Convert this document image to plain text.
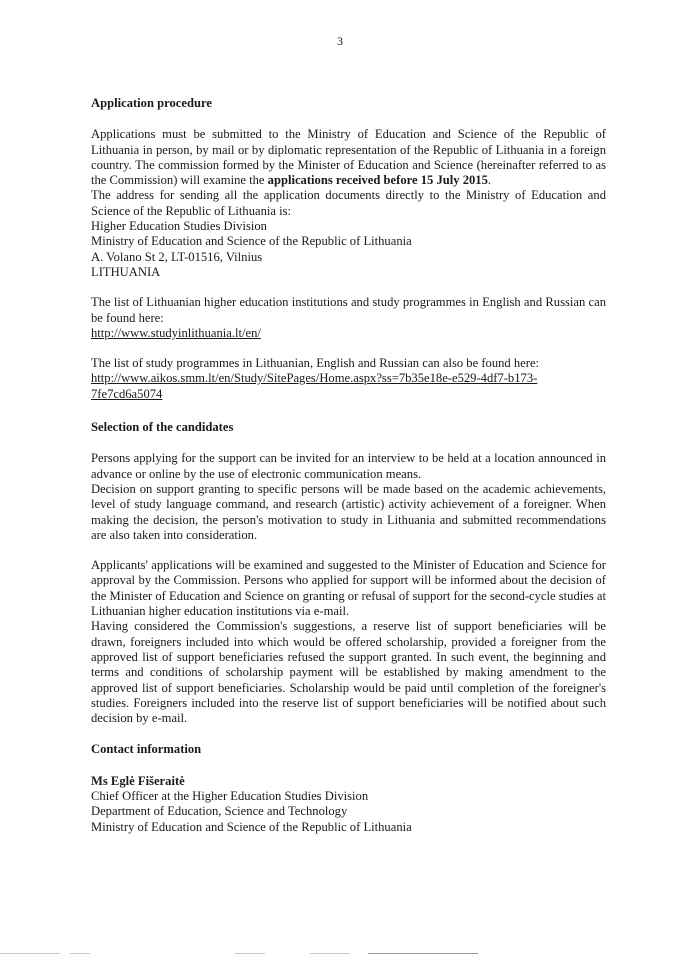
3

Application procedure

Applications must be submitted to the Ministry of Education and Science of the Republic of Lithuania in person, by mail or by diplomatic representation of the Republic of Lithuania in a foreign country. The commission formed by the Minister of Education and Science (hereinafter referred to as the Commission) will examine the applications received before 15 July 2015.

The address for sending all the application documents directly to the Ministry of Education and Science of the Republic of Lithuania is:

Higher Education Studies Division
Ministry of Education and Science of the Republic of Lithuania
A. Volano St 2, LT-01516, Vilnius
LITHUANIA

The list of Lithuanian higher education institutions and study programmes in English and Russian can be found here:

http://www.studyinlithuania.lt/en/

The list of study programmes in Lithuanian, English and Russian can also be found here:

http://www.aikos.smm.lt/en/Study/SitePages/Home.aspx?ss=7b35e18e-e529-4df7-b173-
7fe7cd6a5074

Selection of the candidates

Persons applying for the support can be invited for an interview to be held at a location announced in advance or online by the use of electronic communication means.

Decision on support granting to specific persons will be made based on the academic achievements, level of study language command, and research (artistic) activity achievement of a foreigner. When making the decision, the person's motivation to study in Lithuania and submitted recommendations are also taken into consideration.

Applicants' applications will be examined and suggested to the Minister of Education and Science for approval by the Commission. Persons who applied for support will be informed about the decision of the Minister of Education and Science on granting or refusal of support for the second-cycle studies at Lithuanian higher education institutions via e-mail.

Having considered the Commission's suggestions, a reserve list of support beneficiaries will be drawn, foreigners included into which would be offered scholarship, provided a foreigner from the approved list of support beneficiaries refused the support granted. In such event, the beginning and terms and conditions of scholarship payment will be established by making amendment to the approved list of support beneficiaries. Scholarship would be paid until completion of the foreigner's studies. Foreigners included into the reserve list of support beneficiaries will be notified about such decision by e-mail.

Contact information

Ms Eglė Fišeraitė
Chief Officer at the Higher Education Studies Division
Department of Education, Science and Technology
Ministry of Education and Science of the Republic of Lithuania
